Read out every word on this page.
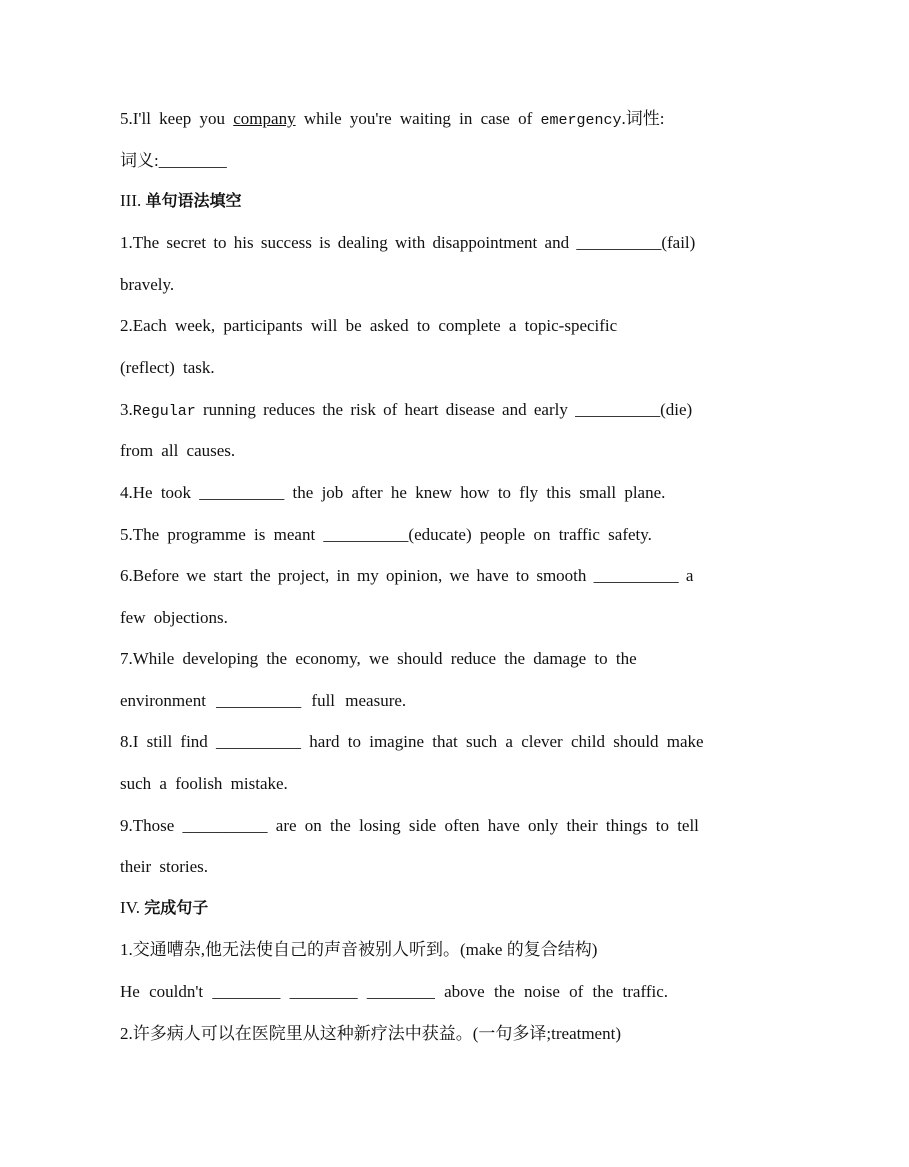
5.I'll keep you company while you're waiting in case of emergency.词性:
词义:________
III. 单句语法填空
1.The secret to his success is dealing with disappointment and __________(fail)
bravely.
2.Each week, participants will be asked to complete a topic-specific
(reflect) task.
3.Regular running reduces the risk of heart disease and early __________(die)
from all causes.
4.He took __________ the job after he knew how to fly this small plane.
5.The programme is meant __________(educate) people on traffic safety.
6.Before we start the project, in my opinion, we have to smooth __________ a
few objections.
7.While developing the economy, we should reduce the damage to the
environment __________ full measure.
8.I still find __________ hard to imagine that such a clever child should make
such a foolish mistake.
9.Those __________ are on the losing side often have only their things to tell
their stories.
IV. 完成句子
1.交通嘈杂,他无法使自己的声音被别人听到。(make 的复合结构)
He couldn't ________ ________ ________ above the noise of the traffic.
2.许多病人可以在医院里从这种新疗法中获益。(一句多译;treatment)
